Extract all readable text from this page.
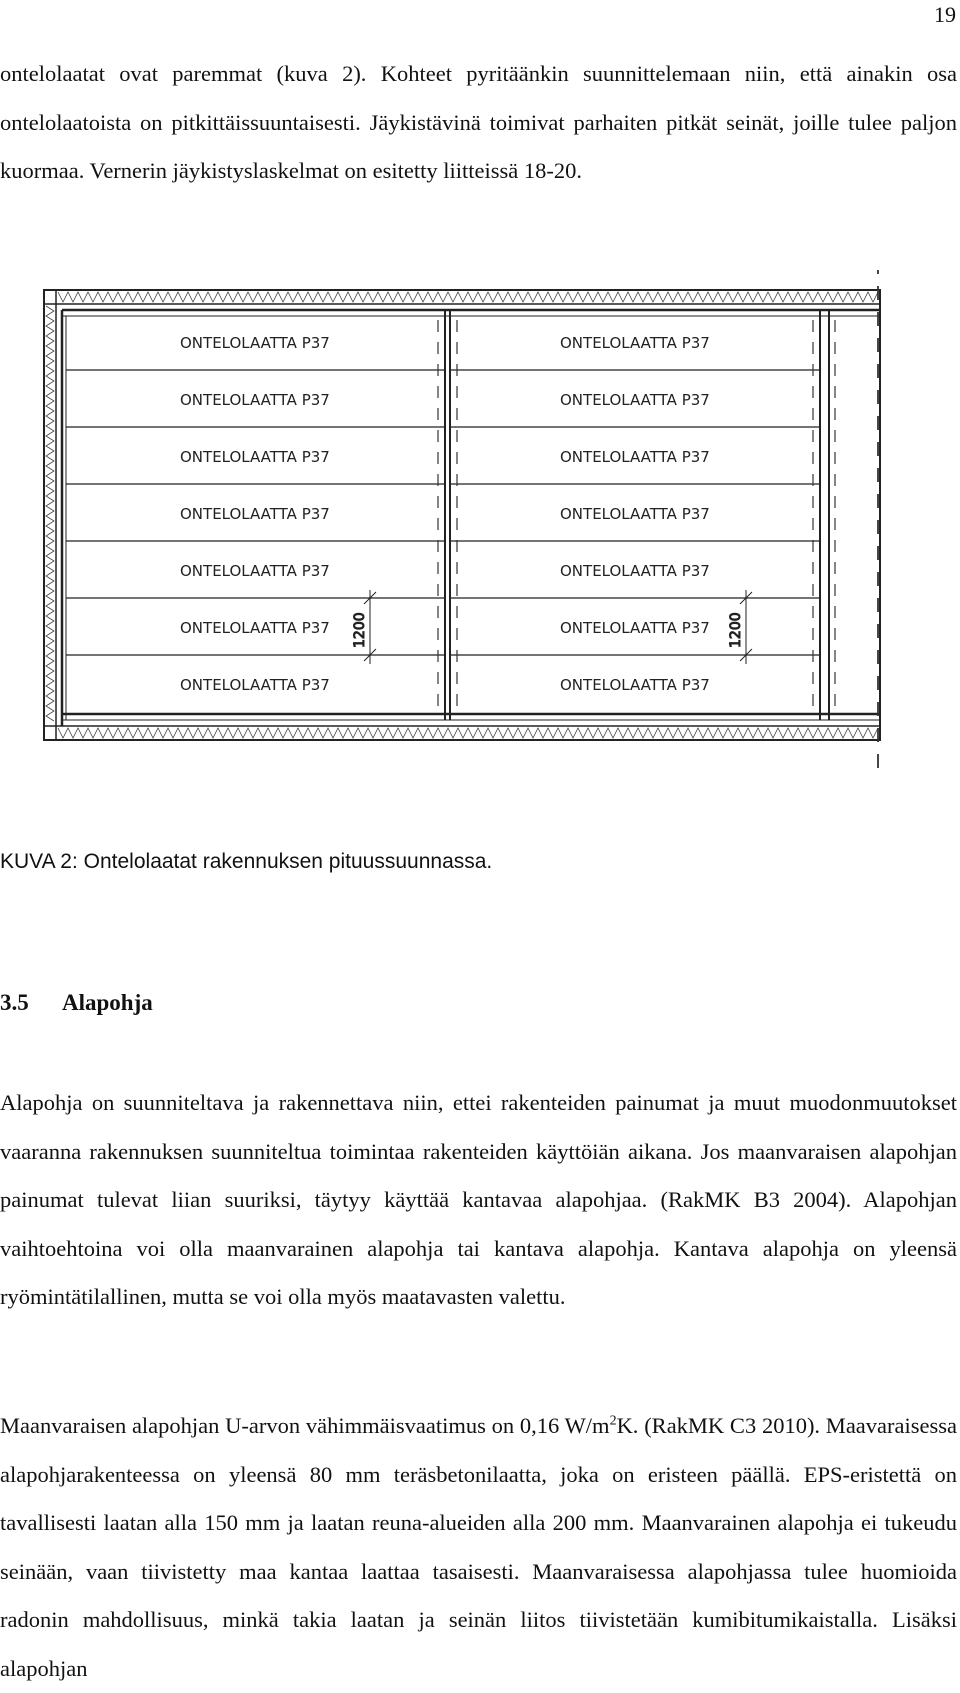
19

ontelolaatat ovat paremmat (kuva 2). Kohteet pyritäänkin suunnittelemaan niin, että ainakin osa ontelolaatoista on pitkittäissuuntaisesti. Jäykistävinä toimivat parhaiten pitkät seinät, joille tulee paljon kuormaa. Vernerin jäykistyslaskelmat on esitetty liitteissä 18-20.

ONTELOLAATTA P37	ONTELOLAATTA P37
ONTELOLAATTA P37	ONTELOLAATTA P37
ONTELOLAATTA P37	ONTELOLAATTA P37
ONTELOLAATTA P37	ONTELOLAATTA P37
ONTELOLAATTA P37	ONTELOLAATTA P37
ONTELOLAATTA P37	ONTELOLAATTA P37
ONTELOLAATTA P37	ONTELOLAATTA P37
1200	1200
KUVA 2: Ontelolaatat rakennuksen pituussuunnassa.
3.5 Alapohja

Alapohja on suunniteltava ja rakennettava niin, ettei rakenteiden painumat ja muut muodonmuutokset vaaranna rakennuksen suunniteltua toimintaa rakenteiden käyttöiän aikana. Jos maanvaraisen alapohjan painumat tulevat liian suuriksi, täytyy käyttää kantavaa alapohjaa. (RakMK B3 2004). Alapohjan vaihtoehtoina voi olla maanvarainen alapohja tai kantava alapohja. Kantava alapohja on yleensä ryömintätilallinen, mutta se voi olla myös maatavasten valettu.

Maanvaraisen alapohjan U-arvon vähimmäisvaatimus on 0,16 $W/m^2K$. (RakMK C3 2010). Maavaraisessa alapohjarakenteessa on yleensä 80 mm teräsbetonilaatta, joka on eristeen päällä. EPS-eristettä on tavallisesti laatan alla 150 mm ja laatan reuna-alueiden alla 200 mm. Maanvarainen alapohja ei tukeudu seinään, vaan tiivistetty maa kantaa laattaa tasaisesti. Maanvaraisessa alapohjassa tulee huomioida radonin mahdollisuus, minkä takia laatan ja seinän liitos tiivistetään kumibitumikaistalla. Lisäksi alapohjan
